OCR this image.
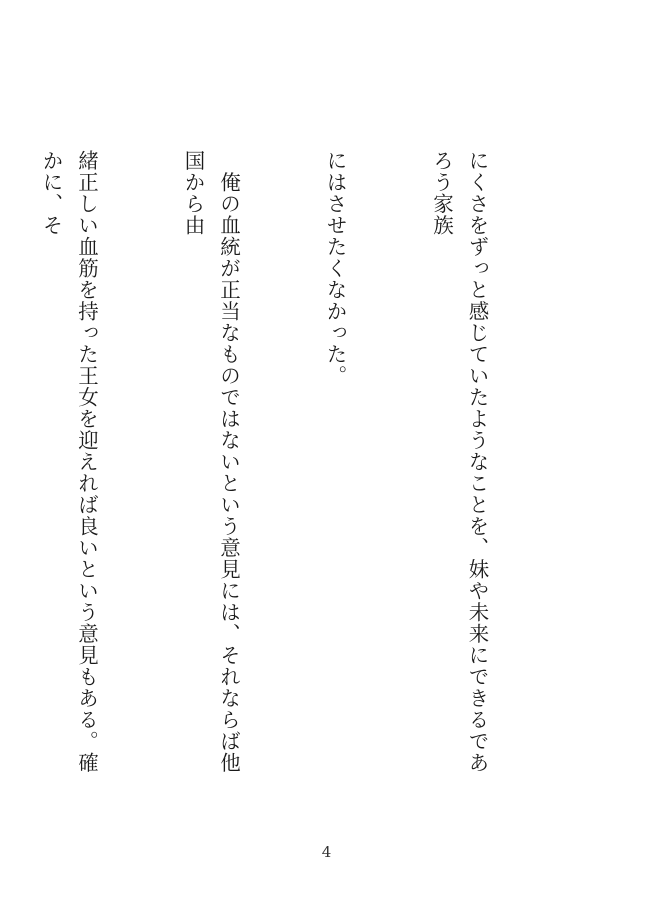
にくさをずっと感じていたようなことを、妹や未来にできるであろう家族

にはさせたくなかった。

　俺の血統が正当なものではないという意見には、それならば他国から由

緒正しい血筋を持った王女を迎えれば良いという意見もある。確かに、そ

4
